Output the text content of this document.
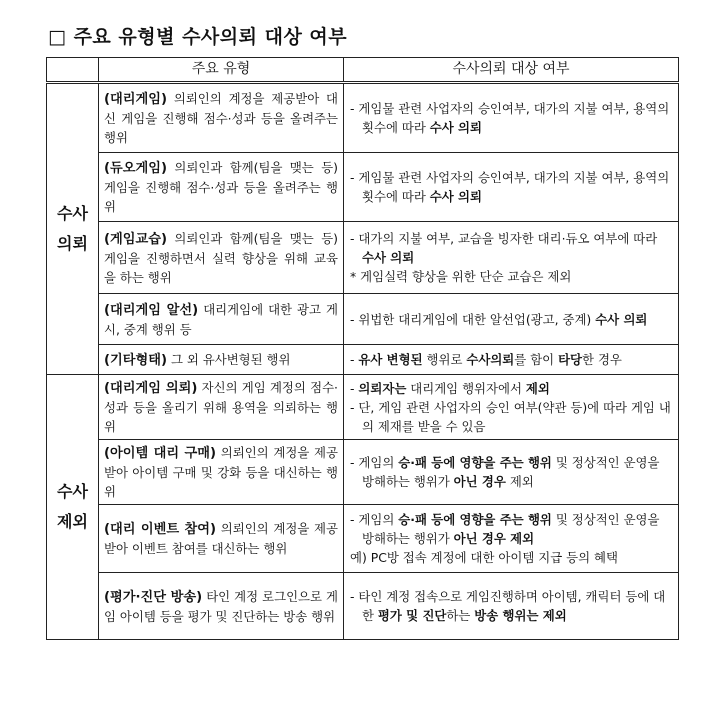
□ 주요 유형별 수사의뢰 대상 여부
	주요 유형	수사의뢰 대상 여부
수사
의뢰	(대리게임) 의뢰인의 계정을 제공받아 대신 게임을 진행해 점수·성과 등을 올려주는 행위	- 게임물 관련 사업자의 승인여부, 대가의 지불 여부, 용역의 횟수에 따라 수사 의뢰

	(듀오게임) 의뢰인과 함께(팀을 맺는 등) 게임을 진행해 점수·성과 등을 올려주는 행위	- 게임물 관련 사업자의 승인여부, 대가의 지불 여부, 용역의 횟수에 따라 수사 의뢰

	(게임교습) 의뢰인과 함께(팀을 맺는 등) 게임을 진행하면서 실력 향상을 위해 교육을 하는 행위	- 대가의 지불 여부, 교습을 빙자한 대리·듀오 여부에 따라 수사 의뢰
* 게임실력 향상을 위한 단순 교습은 제외

	(대리게임 알선) 대리게임에 대한 광고 게시, 중계 행위 등	- 위법한 대리게임에 대한 알선업(광고, 중계) 수사 의뢰

	(기타형태) 그 외 유사변형된 행위	- 유사 변형된 행위로 수사의뢰를 함이 타당한 경우

수사
제외	(대리게임 의뢰) 자신의 게임 계정의 점수·성과 등을 올리기 위해 용역을 의뢰하는 행위	- 의뢰자는 대리게임 행위자에서 제외
- 단, 게임 관련 사업자의 승인 여부(약관 등)에 따라 게임 내의 제재를 받을 수 있음

	(아이템 대리 구매) 의뢰인의 계정을 제공받아 아이템 구매 및 강화 등을 대신하는 행위	- 게임의 승·패 등에 영향을 주는 행위 및 정상적인 운영을 방해하는 행위가 아닌 경우 제외

	(대리 이벤트 참여) 의뢰인의 계정을 제공받아 이벤트 참여를 대신하는 행위	- 게임의 승·패 등에 영향을 주는 행위 및 정상적인 운영을 방해하는 행위가 아닌 경우 제외
예) PC방 접속 계정에 대한 아이템 지급 등의 혜택

	(평가·진단 방송) 타인 계정 로그인으로 게임 아이템 등을 평가 및 진단하는 방송 행위	- 타인 계정 접속으로 게임진행하며 아이템, 캐릭터 등에 대한 평가 및 진단하는 방송 행위는 제외
